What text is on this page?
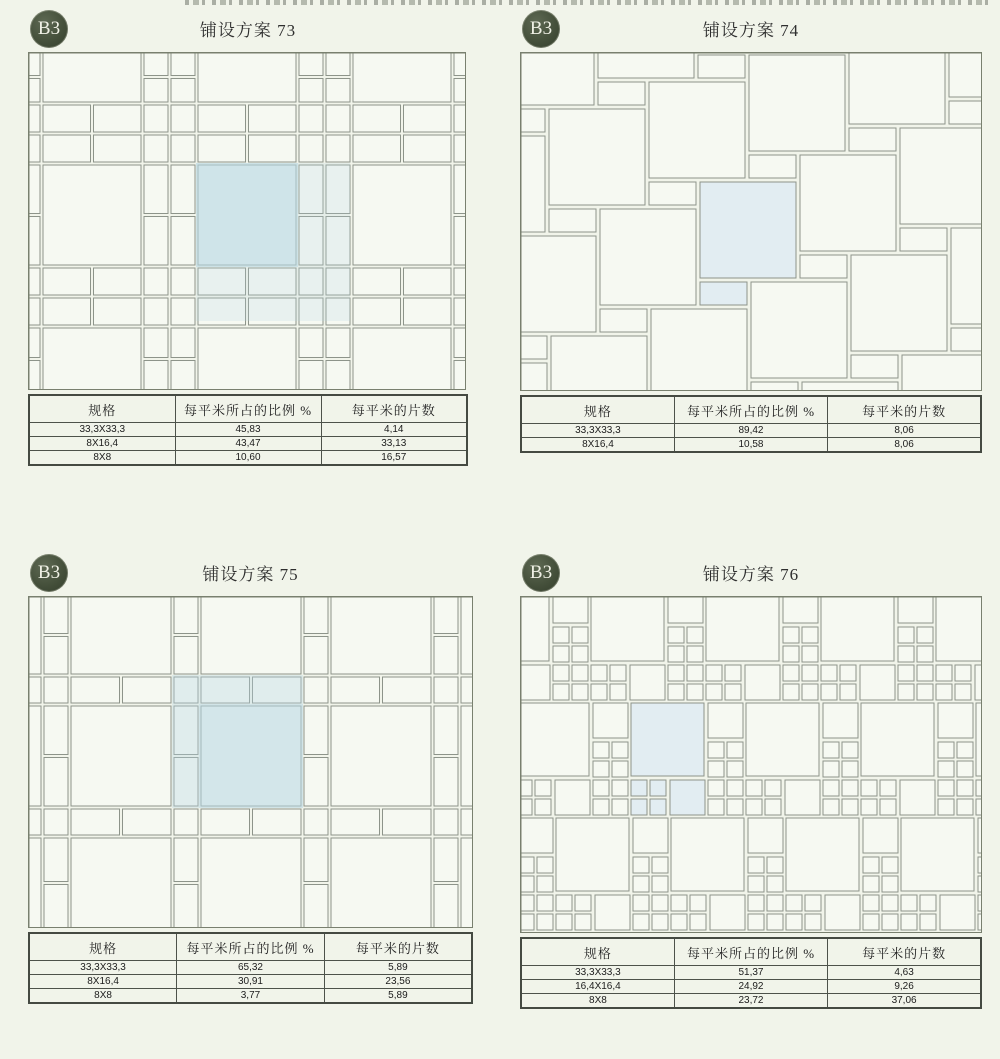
B3	铺设方案 73
规格	每平米所占的比例 %	每平米的片数
33,3X33,3	45,83	4,14
8X16,4	43,47	33,13
8X8	10,60	16,57
B3	铺设方案 74
规格	每平米所占的比例 %	每平米的片数
33,3X33,3	89,42	8,06
8X16,4	10,58	8,06
B3	铺设方案 75
规格	每平米所占的比例 %	每平米的片数
33,3X33,3	65,32	5,89
8X16,4	30,91	23,56
8X8	3,77	5,89
B3	铺设方案 76
规格	每平米所占的比例 %	每平米的片数
33,3X33,3	51,37	4,63
16,4X16,4	24,92	9,26
8X8	23,72	37,06
